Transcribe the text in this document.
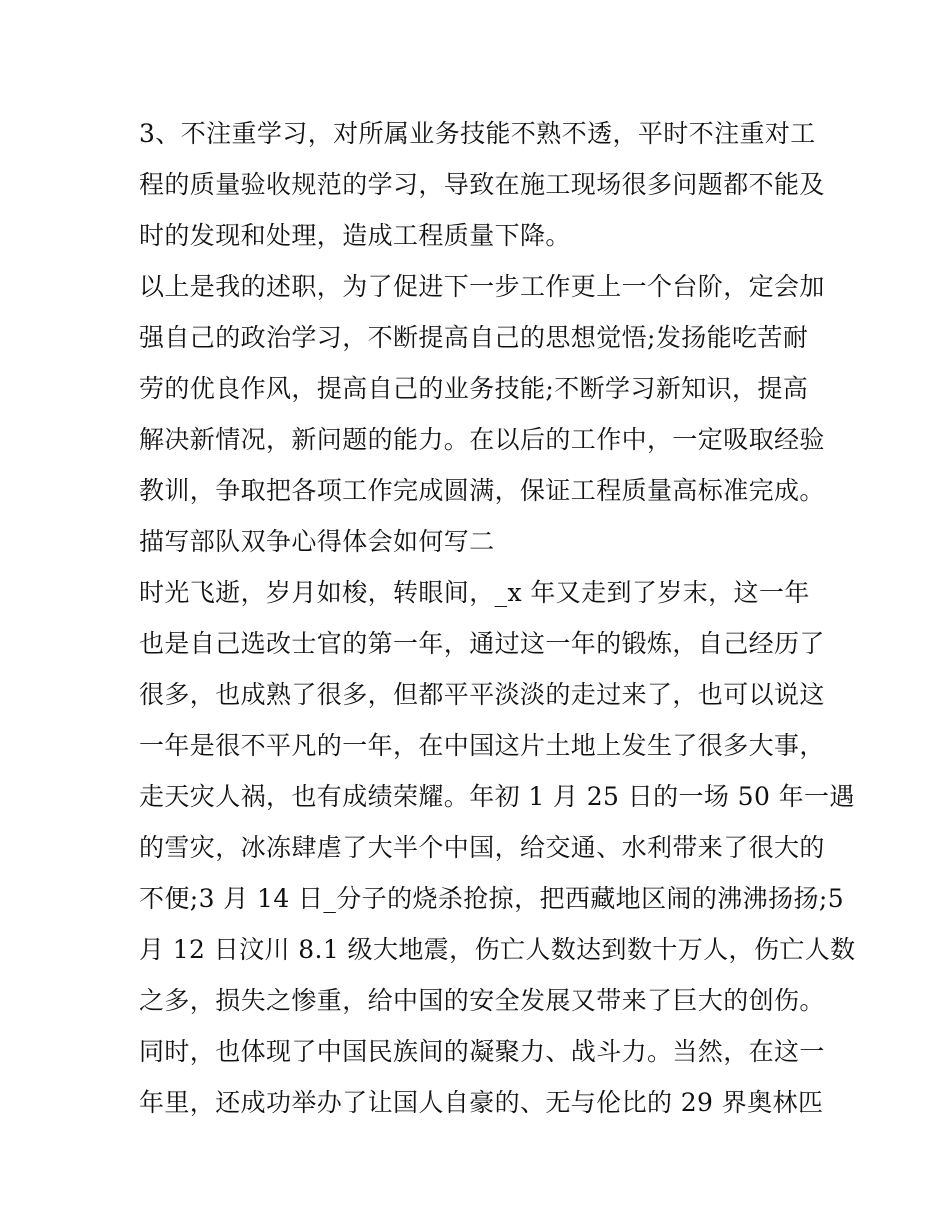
3、不注重学习，对所属业务技能不熟不透，平时不注重对工
程的质量验收规范的学习，导致在施工现场很多问题都不能及
时的发现和处理，造成工程质量下降。
以上是我的述职，为了促进下一步工作更上一个台阶，定会加
强自己的政治学习，不断提高自己的思想觉悟;发扬能吃苦耐
劳的优良作风，提高自己的业务技能;不断学习新知识，提高
解决新情况，新问题的能力。在以后的工作中，一定吸取经验
教训，争取把各项工作完成圆满，保证工程质量高标准完成。
描写部队双争心得体会如何写二
时光飞逝，岁月如梭，转眼间，_x 年又走到了岁末，这一年
也是自己选改士官的第一年，通过这一年的锻炼，自己经历了
很多，也成熟了很多，但都平平淡淡的走过来了，也可以说这
一年是很不平凡的一年，在中国这片土地上发生了很多大事，
走天灾人祸，也有成绩荣耀。年初 1 月 25 日的一场 50 年一遇
的雪灾，冰冻肆虐了大半个中国，给交通、水利带来了很大的
不便;3 月 14 日_分子的烧杀抢掠，把西藏地区闹的沸沸扬扬;5
月 12 日汶川 8.1 级大地震，伤亡人数达到数十万人，伤亡人数
之多，损失之惨重，给中国的安全发展又带来了巨大的创伤。
同时，也体现了中国民族间的凝聚力、战斗力。当然，在这一
年里，还成功举办了让国人自豪的、无与伦比的 29 界奥林匹
